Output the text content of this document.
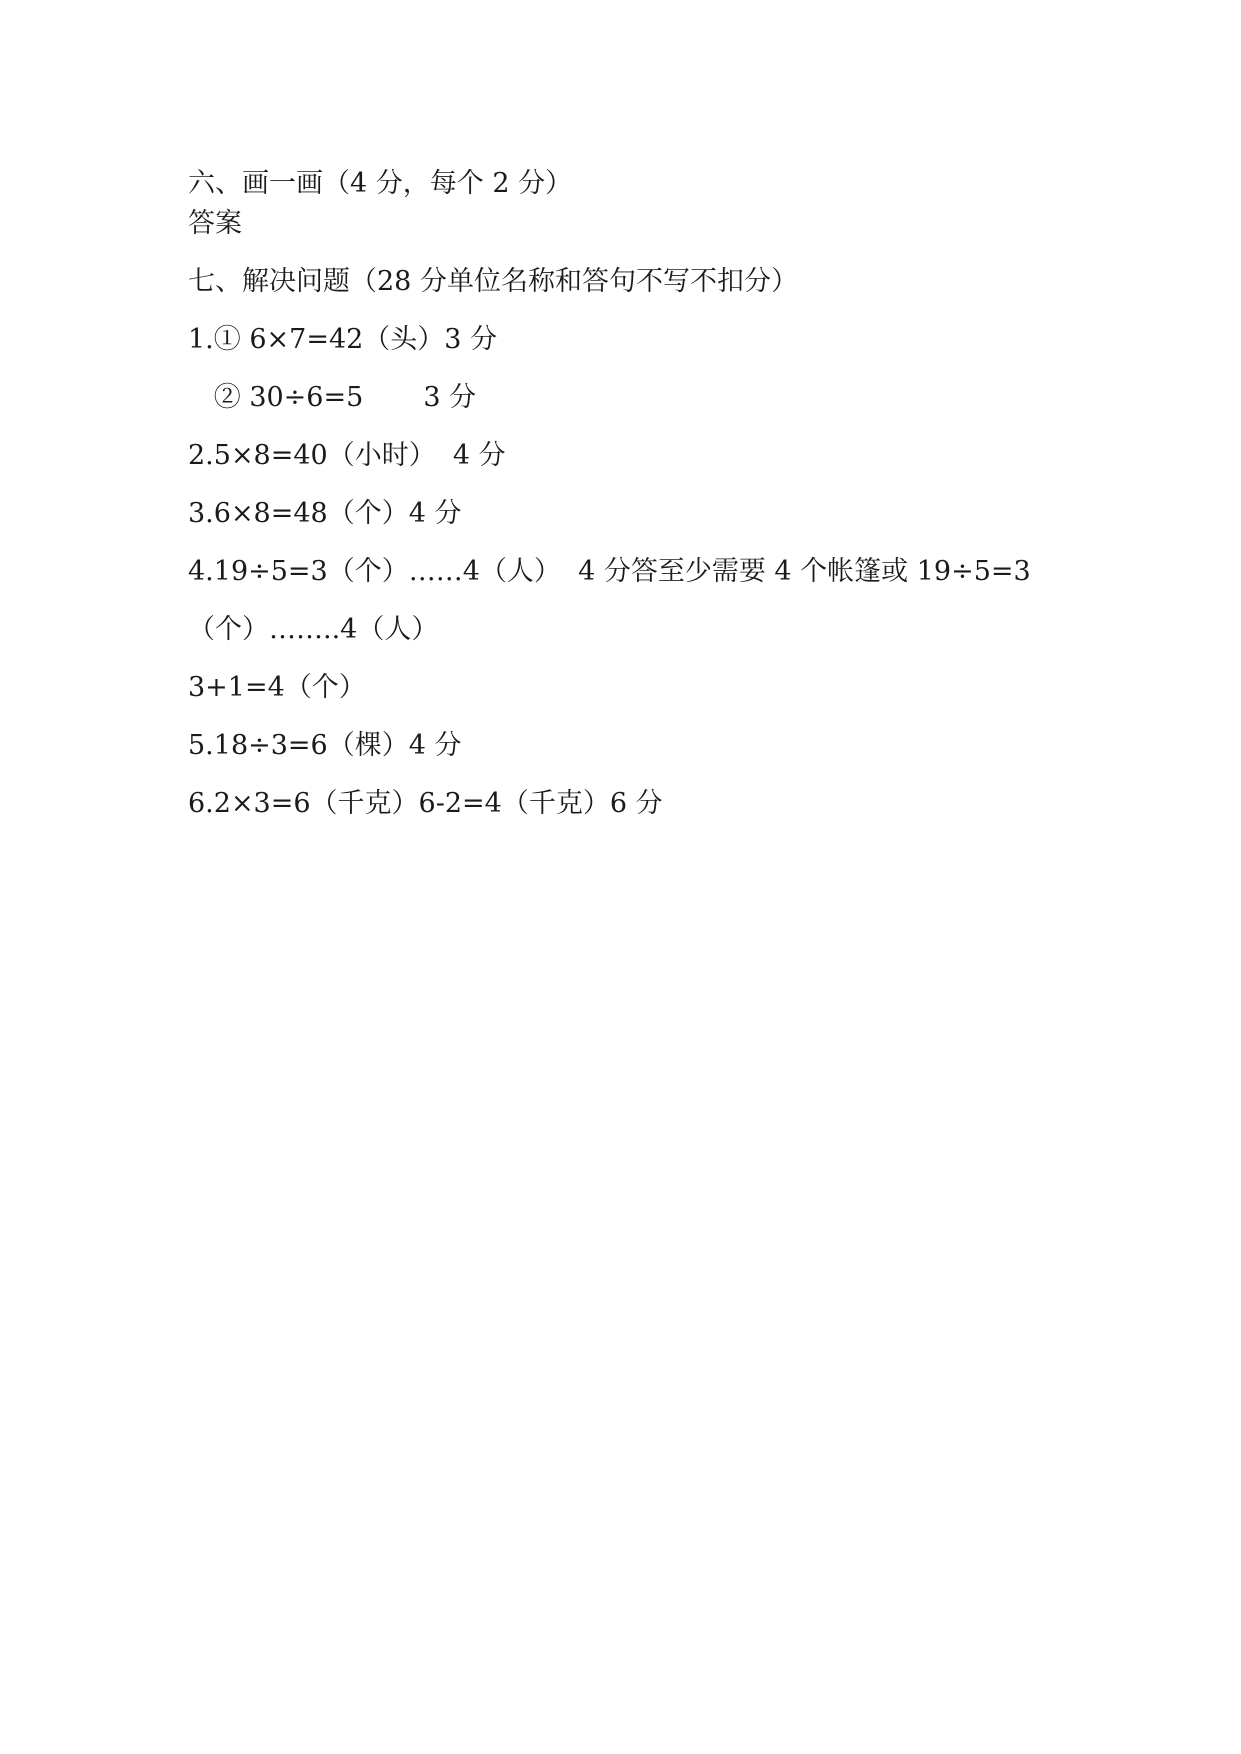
六、画一画（4 分，每个 2 分）
答案
七、解决问题（28 分单位名称和答句不写不扣分）
1.① 6×7=42（头）3 分
② 30÷6=5       3 分
2.5×8=40（小时）  4 分
3.6×8=48（个）4 分
4.19÷5=3（个）……4（人）  4 分答至少需要 4 个帐篷或 19÷5=3
（个）……..4（人）
3+1=4（个）
5.18÷3=6（棵）4 分
6.2×3=6（千克）6-2=4（千克）6 分
